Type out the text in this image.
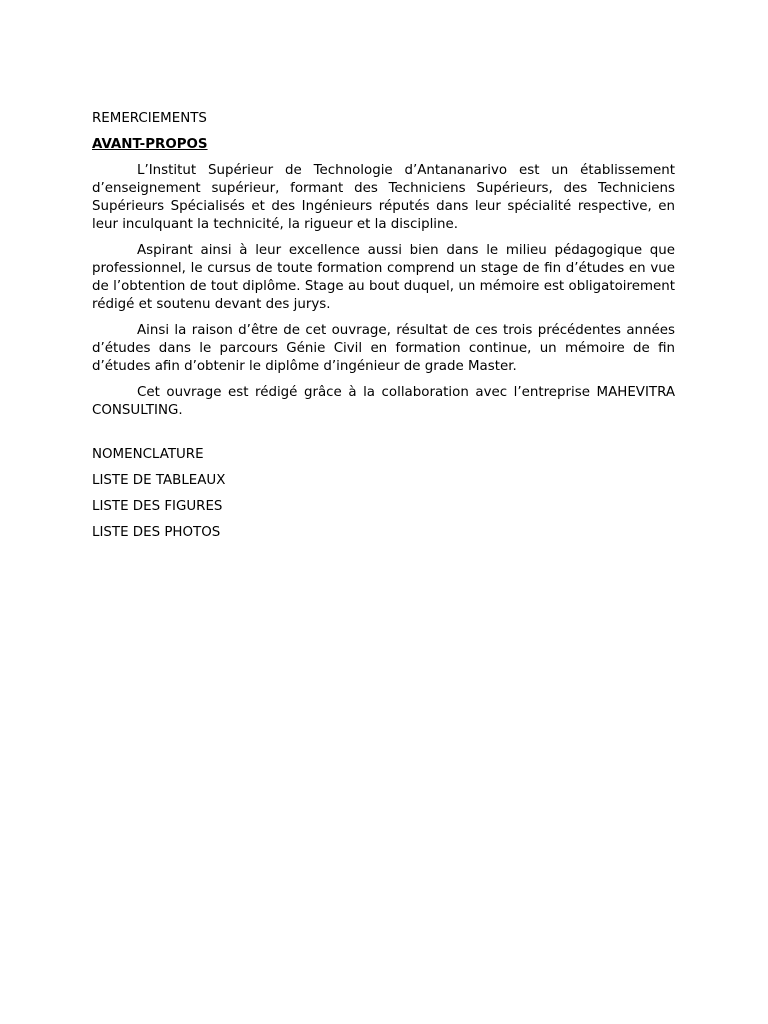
REMERCIEMENTS

AVANT-PROPOS

L’Institut Supérieur de Technologie d’Antananarivo est un établissement d’enseignement supérieur, formant des Techniciens Supérieurs, des Techniciens Supérieurs Spécialisés et des Ingénieurs réputés dans leur spécialité respective, en leur inculquant la technicité, la rigueur et la discipline.

Aspirant ainsi à leur excellence aussi bien dans le milieu pédagogique que professionnel, le cursus de toute formation comprend un stage de fin d’études en vue de l’obtention de tout diplôme. Stage au bout duquel, un mémoire est obligatoirement rédigé et soutenu devant des jurys.

Ainsi la raison d’être de cet ouvrage, résultat de ces trois précédentes années d’études dans le parcours Génie Civil en formation continue, un mémoire de fin d’études afin d’obtenir le diplôme d’ingénieur de grade Master.

Cet ouvrage est rédigé grâce à la collaboration avec l’entreprise MAHEVITRA CONSULTING.

NOMENCLATURE

LISTE DE TABLEAUX

LISTE DES FIGURES

LISTE DES PHOTOS
